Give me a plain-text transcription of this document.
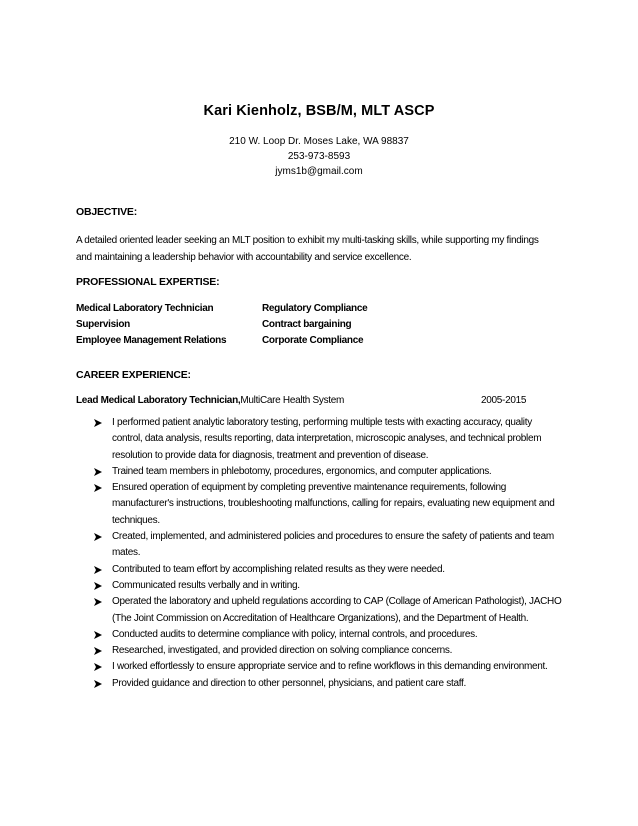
Kari Kienholz, BSB/M, MLT ASCP
210 W. Loop Dr. Moses Lake, WA 98837
253-973-8593
jyms1b@gmail.com
OBJECTIVE:
A detailed oriented leader seeking an MLT position to exhibit my multi-tasking skills, while supporting my findings and maintaining a leadership behavior with accountability and service excellence.
PROFESSIONAL EXPERTISE:
Medical Laboratory Technician
Supervision
Employee Management Relations
Regulatory Compliance
Contract bargaining
Corporate Compliance
CAREER EXPERIENCE:
Lead Medical Laboratory Technician,MultiCare Health System	2005-2015
I performed patient analytic laboratory testing, performing multiple tests with exacting accuracy, quality control, data analysis, results reporting, data interpretation, microscopic analyses, and technical problem resolution to provide data for diagnosis, treatment and prevention of disease.
Trained team members in phlebotomy, procedures, ergonomics, and computer applications.
Ensured operation of equipment by completing preventive maintenance requirements, following manufacturer's instructions, troubleshooting malfunctions, calling for repairs, evaluating new equipment and techniques.
Created, implemented, and administered policies and procedures to ensure the safety of patients and team mates.
Contributed to team effort by accomplishing related results as they were needed.
Communicated results verbally and in writing.
Operated the laboratory and upheld regulations according to CAP (Collage of American Pathologist), JACHO (The Joint Commission on Accreditation of Healthcare Organizations), and the Department of Health.
Conducted audits to determine compliance with policy, internal controls, and procedures.
Researched, investigated, and provided direction on solving compliance concerns.
I worked effortlessly to ensure appropriate service and to refine workflows in this demanding environment.
Provided guidance and direction to other personnel, physicians, and patient care staff.
